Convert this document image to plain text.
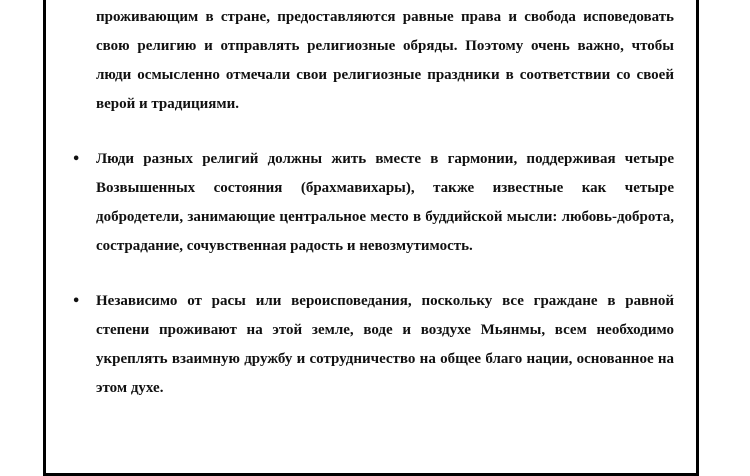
проживающим в стране, предоставляются равные права и свобода исповедовать свою религию и отправлять религиозные обряды. Поэтому очень важно, чтобы люди осмысленно отмечали свои религиозные праздники в соответствии со своей верой и традициями.

• Люди разных религий должны жить вместе в гармонии, поддерживая четыре Возвышенных состояния (брахмавихары), также известные как четыре добродетели, занимающие центральное место в буддийской мысли: любовь-доброта, сострадание, сочувственная радость и невозмутимость.

• Независимо от расы или вероисповедания, поскольку все граждане в равной степени проживают на этой земле, воде и воздухе Мьянмы, всем необходимо укреплять взаимную дружбу и сотрудничество на общее благо нации, основанное на этом духе.
